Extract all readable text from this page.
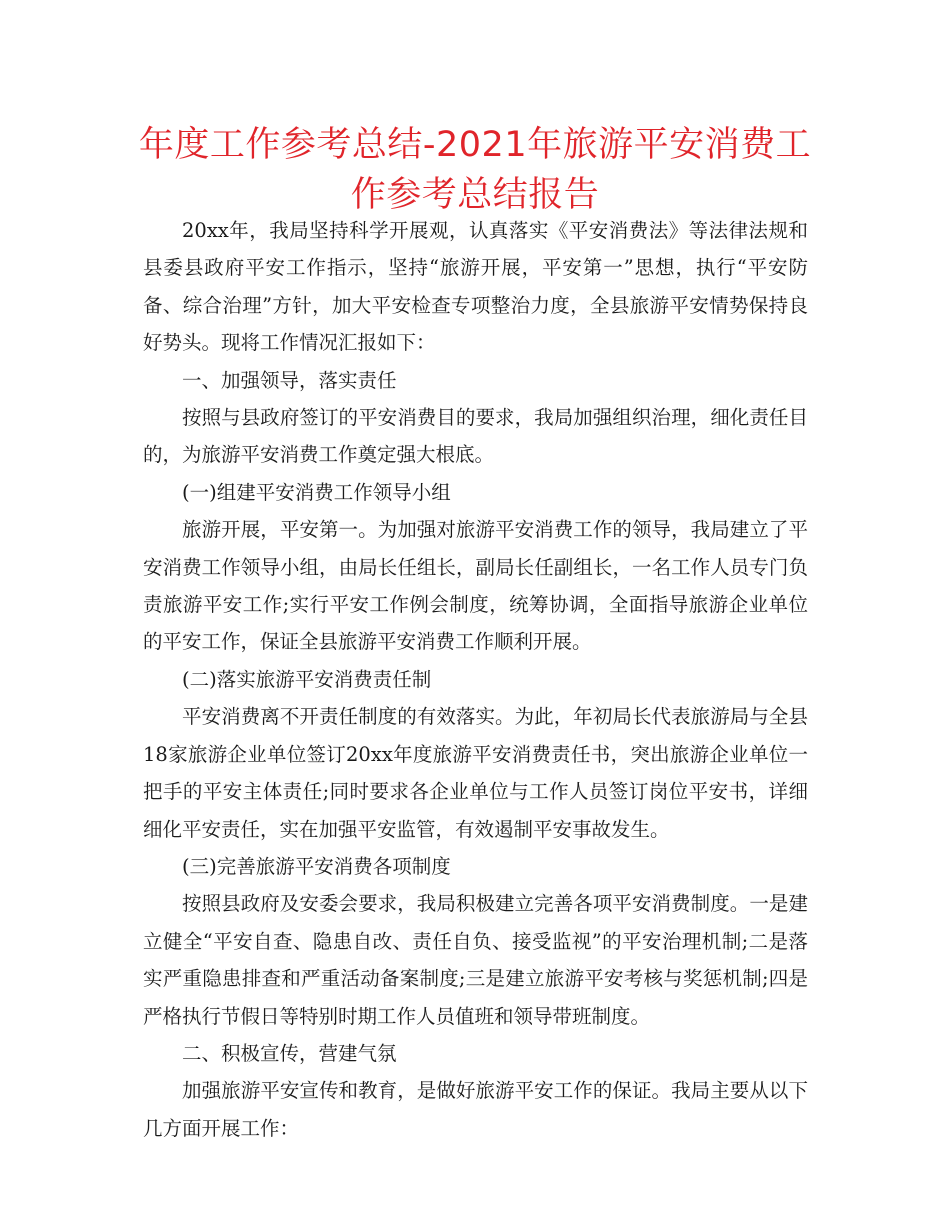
年度工作参考总结-2021年旅游平安消费工作参考总结报告

20xx年，我局坚持科学开展观，认真落实《平安消费法》等法律法规和县委县政府平安工作指示，坚持“旅游开展，平安第一”思想，执行“平安防备、综合治理”方针，加大平安检查专项整治力度，全县旅游平安情势保持良好势头。现将工作情况汇报如下：

一、加强领导，落实责任

按照与县政府签订的平安消费目的要求，我局加强组织治理，细化责任目的，为旅游平安消费工作奠定强大根底。

(一)组建平安消费工作领导小组

旅游开展，平安第一。为加强对旅游平安消费工作的领导，我局建立了平安消费工作领导小组，由局长任组长，副局长任副组长，一名工作人员专门负责旅游平安工作;实行平安工作例会制度，统筹协调，全面指导旅游企业单位的平安工作，保证全县旅游平安消费工作顺利开展。

(二)落实旅游平安消费责任制

平安消费离不开责任制度的有效落实。为此，年初局长代表旅游局与全县18家旅游企业单位签订20xx年度旅游平安消费责任书，突出旅游企业单位一把手的平安主体责任;同时要求各企业单位与工作人员签订岗位平安书，详细细化平安责任，实在加强平安监管，有效遏制平安事故发生。

(三)完善旅游平安消费各项制度

按照县政府及安委会要求，我局积极建立完善各项平安消费制度。一是建立健全“平安自查、隐患自改、责任自负、接受监视”的平安治理机制;二是落实严重隐患排查和严重活动备案制度;三是建立旅游平安考核与奖惩机制;四是严格执行节假日等特别时期工作人员值班和领导带班制度。

二、积极宣传，营建气氛

加强旅游平安宣传和教育，是做好旅游平安工作的保证。我局主要从以下几方面开展工作：
